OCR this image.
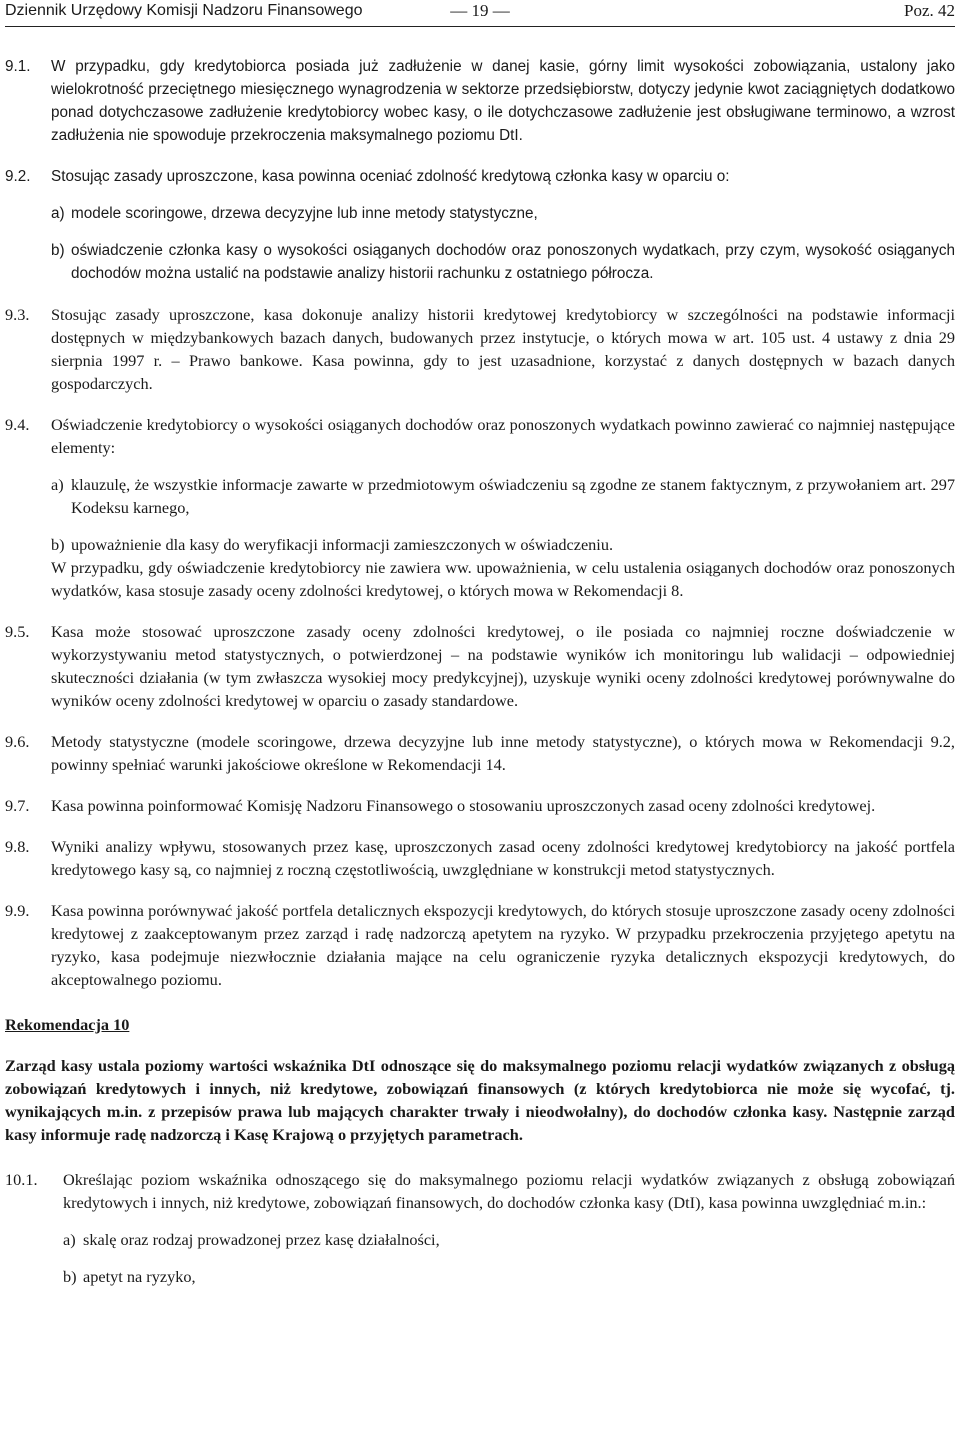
Dziennik Urzędowy Komisji Nadzoru Finansowego	— 19 —	Poz. 42
9.1. W przypadku, gdy kredytobiorca posiada już zadłużenie w danej kasie, górny limit wysokości zobowiązania, ustalony jako wielokrotność przeciętnego miesięcznego wynagrodzenia w sektorze przedsiębiorstw, dotyczy jedynie kwot zaciągniętych dodatkowo ponad dotychczasowe zadłużenie kredytobiorcy wobec kasy, o ile dotychczasowe zadłużenie jest obsługiwane terminowo, a wzrost zadłużenia nie spowoduje przekroczenia maksymalnego poziomu DtI.

9.2. Stosując zasady uproszczone, kasa powinna oceniać zdolność kredytową członka kasy w oparciu o:

a) modele scoringowe, drzewa decyzyjne lub inne metody statystyczne,
b) oświadczenie członka kasy o wysokości osiąganych dochodów oraz ponoszonych wydatkach, przy czym, wysokość osiąganych dochodów można ustalić na podstawie analizy historii rachunku z ostatniego półrocza.
9.3. Stosując zasady uproszczone, kasa dokonuje analizy historii kredytowej kredytobiorcy w szczególności na podstawie informacji dostępnych w międzybankowych bazach danych, budowanych przez instytucje, o których mowa w art. 105 ust. 4 ustawy z dnia 29 sierpnia 1997 r. – Prawo bankowe. Kasa powinna, gdy to jest uzasadnione, korzystać z danych dostępnych w bazach danych gospodarczych.

9.4. Oświadczenie kredytobiorcy o wysokości osiąganych dochodów oraz ponoszonych wydatkach powinno zawierać co najmniej następujące elementy:

a) klauzulę, że wszystkie informacje zawarte w przedmiotowym oświadczeniu są zgodne ze stanem faktycznym, z przywołaniem art. 297 Kodeksu karnego,
b) upoważnienie dla kasy do weryfikacji informacji zamieszczonych w oświadczeniu.

W przypadku, gdy oświadczenie kredytobiorcy nie zawiera ww. upoważnienia, w celu ustalenia osiąganych dochodów oraz ponoszonych wydatków, kasa stosuje zasady oceny zdolności kredytowej, o których mowa w Rekomendacji 8.

9.5. Kasa może stosować uproszczone zasady oceny zdolności kredytowej, o ile posiada co najmniej roczne doświadczenie w wykorzystywaniu metod statystycznych, o potwierdzonej – na podstawie wyników ich monitoringu lub walidacji – odpowiedniej skuteczności działania (w tym zwłaszcza wysokiej mocy predykcyjnej), uzyskuje wyniki oceny zdolności kredytowej porównywalne do wyników oceny zdolności kredytowej w oparciu o zasady standardowe.

9.6. Metody statystyczne (modele scoringowe, drzewa decyzyjne lub inne metody statystyczne), o których mowa w Rekomendacji 9.2, powinny spełniać warunki jakościowe określone w Rekomendacji 14.

9.7. Kasa powinna poinformować Komisję Nadzoru Finansowego o stosowaniu uproszczonych zasad oceny zdolności kredytowej.

9.8. Wyniki analizy wpływu, stosowanych przez kasę, uproszczonych zasad oceny zdolności kredytowej kredytobiorcy na jakość portfela kredytowego kasy są, co najmniej z roczną częstotliwością, uwzględniane w konstrukcji metod statystycznych.

9.9. Kasa powinna porównywać jakość portfela detalicznych ekspozycji kredytowych, do których stosuje uproszczone zasady oceny zdolności kredytowej z zaakceptowanym przez zarząd i radę nadzorczą apetytem na ryzyko. W przypadku przekroczenia przyjętego apetytu na ryzyko, kasa podejmuje niezwłocznie działania mające na celu ograniczenie ryzyka detalicznych ekspozycji kredytowych, do akceptowalnego poziomu.

Rekomendacja 10
Zarząd kasy ustala poziomy wartości wskaźnika DtI odnoszące się do maksymalnego poziomu relacji wydatków związanych z obsługą zobowiązań kredytowych i innych, niż kredytowe, zobowiązań finansowych (z których kredytobiorca nie może się wycofać, tj. wynikających m.in. z przepisów prawa lub mających charakter trwały i nieodwołalny), do dochodów członka kasy. Następnie zarząd kasy informuje radę nadzorczą i Kasę Krajową o przyjętych parametrach.
10.1. Określając poziom wskaźnika odnoszącego się do maksymalnego poziomu relacji wydatków związanych z obsługą zobowiązań kredytowych i innych, niż kredytowe, zobowiązań finansowych, do dochodów członka kasy (DtI), kasa powinna uwzględniać m.in.:

a) skalę oraz rodzaj prowadzonej przez kasę działalności,
b) apetyt na ryzyko,
